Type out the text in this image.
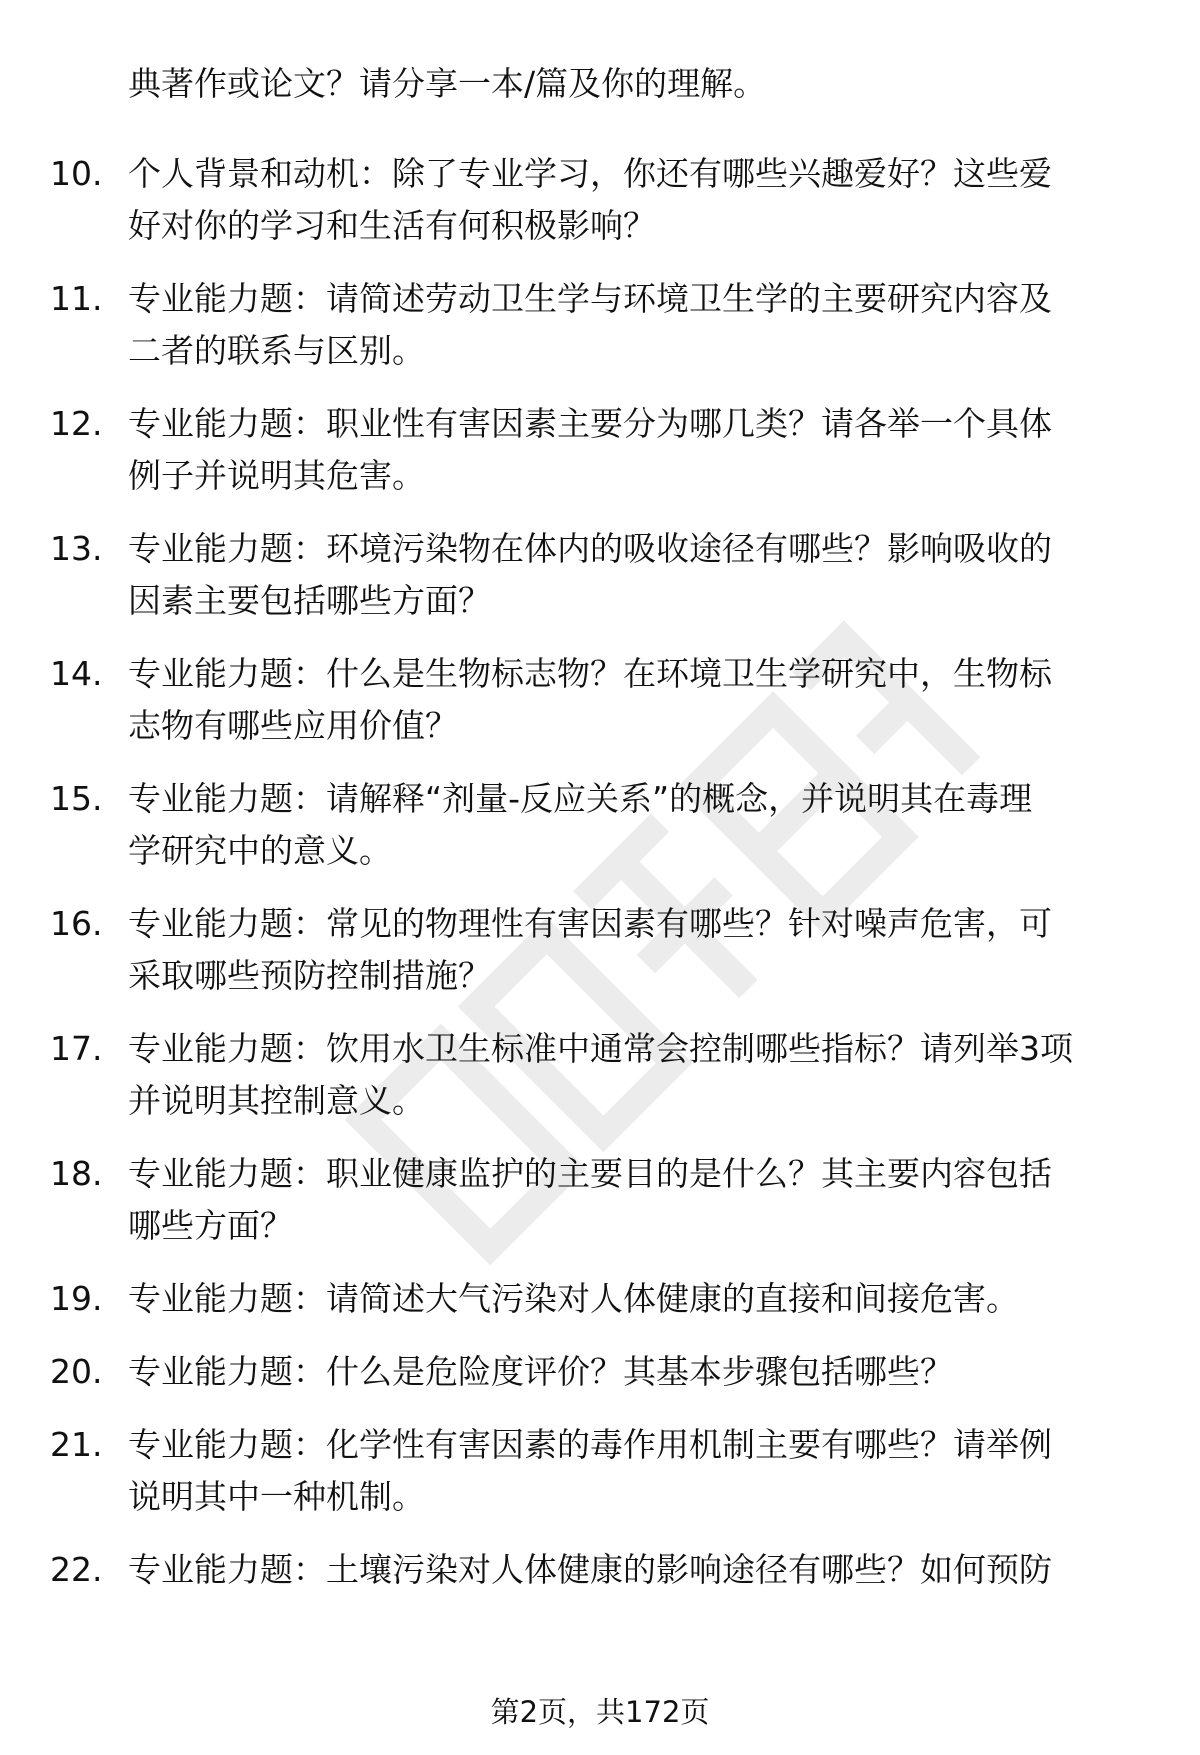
典著作或论文？请分享一本/篇及你的理解。
10. 个人背景和动机：除了专业学习，你还有哪些兴趣爱好？这些爱
好对你的学习和生活有何积极影响？
11. 专业能力题：请简述劳动卫生学与环境卫生学的主要研究内容及
二者的联系与区别。
12. 专业能力题：职业性有害因素主要分为哪几类？请各举一个具体
例子并说明其危害。
13. 专业能力题：环境污染物在体内的吸收途径有哪些？影响吸收的
因素主要包括哪些方面？
14. 专业能力题：什么是生物标志物？在环境卫生学研究中，生物标
志物有哪些应用价值？
15. 专业能力题：请解释“剂量-反应关系”的概念，并说明其在毒理
学研究中的意义。
16. 专业能力题：常见的物理性有害因素有哪些？针对噪声危害，可
采取哪些预防控制措施？
17. 专业能力题：饮用水卫生标准中通常会控制哪些指标？请列举3项
并说明其控制意义。
18. 专业能力题：职业健康监护的主要目的是什么？其主要内容包括
哪些方面？
19. 专业能力题：请简述大气污染对人体健康的直接和间接危害。
20. 专业能力题：什么是危险度评价？其基本步骤包括哪些？
21. 专业能力题：化学性有害因素的毒作用机制主要有哪些？请举例
说明其中一种机制。
22. 专业能力题：土壤污染对人体健康的影响途径有哪些？如何预防
第2页，共172页
